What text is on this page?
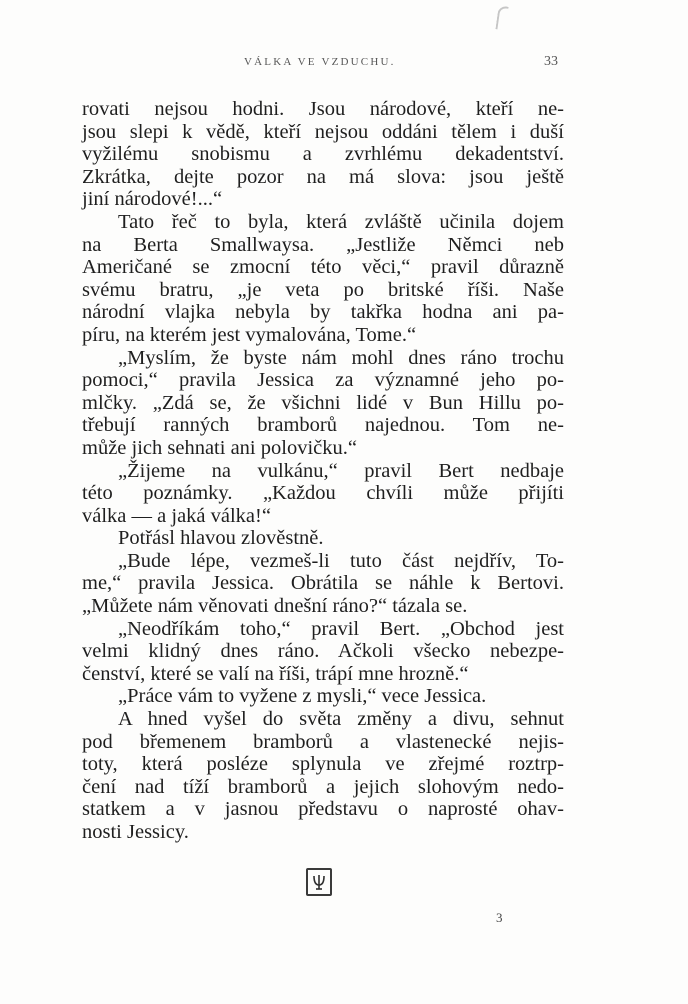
VÁLKA VE VZDUCHU.	33
rovati nejsou hodni. Jsou národové, kteří ne-
jsou slepi k vědě, kteří nejsou oddáni tělem i duší
vyžilému snobismu a zvrhlému dekadentství.
Zkrátka, dejte pozor na má slova: jsou ještě
jiní národové!...“
Tato řeč to byla, která zvláště učinila dojem
na Berta Smallwaysa. „Jestliže Němci neb
Američané se zmocní této věci,“ pravil důrazně
svému bratru, „je veta po britské říši. Naše
národní vlajka nebyla by takřka hodna ani pa-
píru, na kterém jest vymalována, Tome.“
„Myslím, že byste nám mohl dnes ráno trochu
pomoci,“ pravila Jessica za významné jeho po-
mlčky. „Zdá se, že všichni lidé v Bun Hillu po-
třebují ranných bramborů najednou. Tom ne-
může jich sehnati ani polovičku.“
„Žijeme na vulkánu,“ pravil Bert nedbaje
této poznámky. „Každou chvíli může přijíti
válka — a jaká válka!“
Potřásl hlavou zlověstně.
„Bude lépe, vezmeš-li tuto část nejdřív, To-
me,“ pravila Jessica. Obrátila se náhle k Bertovi.
„Můžete nám věnovati dnešní ráno?“ tázala se.
„Neodříkám toho,“ pravil Bert. „Obchod jest
velmi klidný dnes ráno. Ačkoli všecko nebezpe-
čenství, které se valí na říši, trápí mne hrozně.“
„Práce vám to vyžene z mysli,“ vece Jessica.
A hned vyšel do světa změny a divu, sehnut
pod břemenem bramborů a vlastenecké nejis-
toty, která posléze splynula ve zřejmé roztrp-
čení nad tíží bramborů a jejich slohovým nedo-
statkem a v jasnou představu o naprosté ohav-
nosti Jessicy.
3
